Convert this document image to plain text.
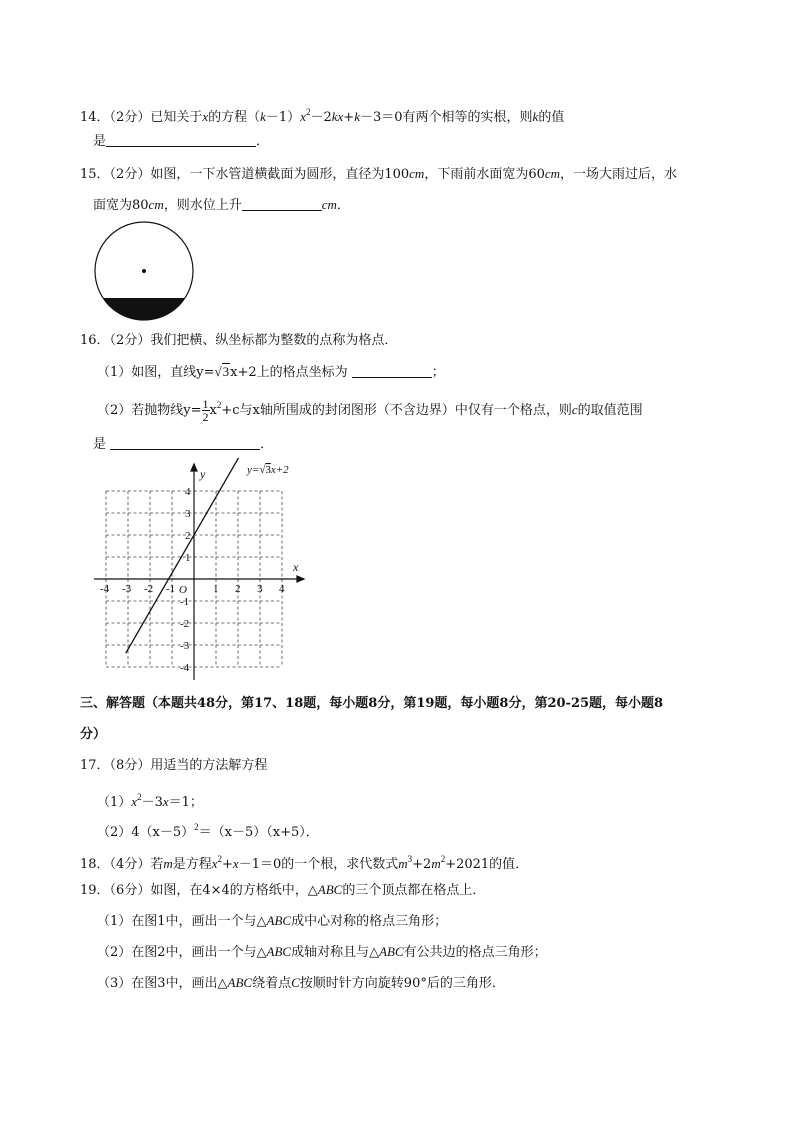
14．（2分）已知关于x的方程$(k-1)x^2-2kx+k-3=0$有两个相等的实根，则k的值
是	．
15．（2分）如图，一下水管道横截面为圆形，直径为100cm，下雨前水面宽为60cm，一场大雨过后，水
面宽为80cm，则水位上升	cm．
16．（2分）我们把横、纵坐标都为整数的点称为格点．
（1）如图，直线y=√3x+2上的格点坐标为	；
（2）若抛物线$y= \frac{1}{2} x^2+c$与x轴所围成的封闭图形（不含边界）中仅有一个格点，则c的取值范围
是	．
-4 -3 -2 -1	1 2 3 4
4
3
2
1
-1
-2
-3
-4
y
x
O
y=√3x+2
三、解答题（本题共48分，第17、18题，每小题8分，第19题，每小题8分，第20-25题，每小题8
分）
17．（8分）用适当的方法解方程
$(1)x^2-3x=1$；
$(2)4(x-5)^2=(x-5)(x+5)$．
18．（4分）若m是方程$x^2+x-1=0$的一个根，求代数式$m^3+2m^2+2021$的值．
19．（6分）如图，在4×4的方格纸中，△ABC的三个顶点都在格点上．
（1）在图1中，画出一个与△ABC成中心对称的格点三角形；
（2）在图2中，画出一个与△ABC成轴对称且与△ABC有公共边的格点三角形；
（3）在图3中，画出△ABC绕着点C按顺时针方向旋转90°后的三角形．
